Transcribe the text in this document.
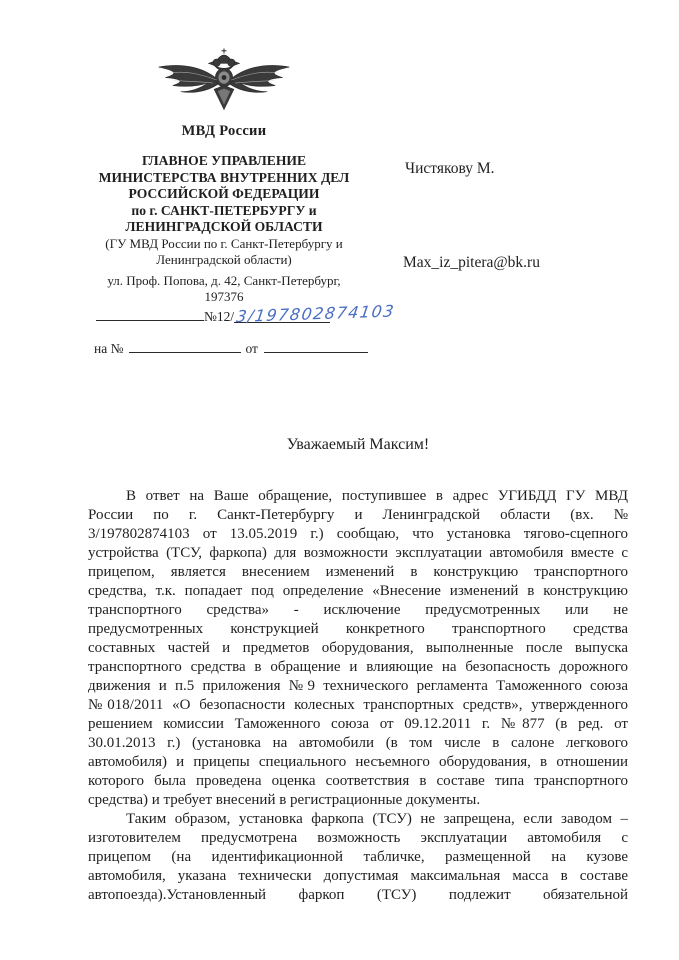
МВД России
ГЛАВНОЕ УПРАВЛЕНИЕ
МИНИСТЕРСТВА ВНУТРЕННИХ ДЕЛ
РОССИЙСКОЙ ФЕДЕРАЦИИ
по г. САНКТ-ПЕТЕРБУРГУ и
ЛЕНИНГРАДСКОЙ ОБЛАСТИ
(ГУ МВД России по г. Санкт-Петербургу и
Ленинградской области)
ул. Проф. Попова, д. 42, Санкт-Петербург,
197376
№12/ 3/197802874103
на №	от
Чистякову М.
Max_iz_pitera@bk.ru
Уважаемый Максим!
В ответ на Ваше обращение, поступившее в адрес УГИБДД ГУ МВД
России по г. Санкт-Петербургу и Ленинградской области (вх. №
3/197802874103 от 13.05.2019 г.) сообщаю, что установка тягово-сцепного
устройства (ТСУ, фаркопа) для возможности эксплуатации автомобиля вместе с
прицепом, является внесением изменений в конструкцию транспортного
средства, т.к. попадает под определение «Внесение изменений в конструкцию
транспортного средства» - исключение предусмотренных или не
предусмотренных конструкцией конкретного транспортного средства
составных частей и предметов оборудования, выполненные после выпуска
транспортного средства в обращение и влияющие на безопасность дорожного
движения и п.5 приложения №9 технического регламента Таможенного союза
№018/2011 «О безопасности колесных транспортных средств», утвержденного
решением комиссии Таможенного союза от 09.12.2011 г. №877 (в ред. от
30.01.2013 г.) (установка на автомобили (в том числе в салоне легкового
автомобиля) и прицепы специального несъемного оборудования, в отношении
которого была проведена оценка соответствия в составе типа транспортного
средства) и требует внесений в регистрационные документы.
Таким образом, установка фаркопа (ТСУ) не запрещена, если заводом –
изготовителем предусмотрена возможность эксплуатации автомобиля с
прицепом (на идентификационной табличке, размещенной на кузове
автомобиля, указана технически допустимая максимальная масса в составе
автопоезда).Установленный фаркоп (ТСУ) подлежит обязательной
